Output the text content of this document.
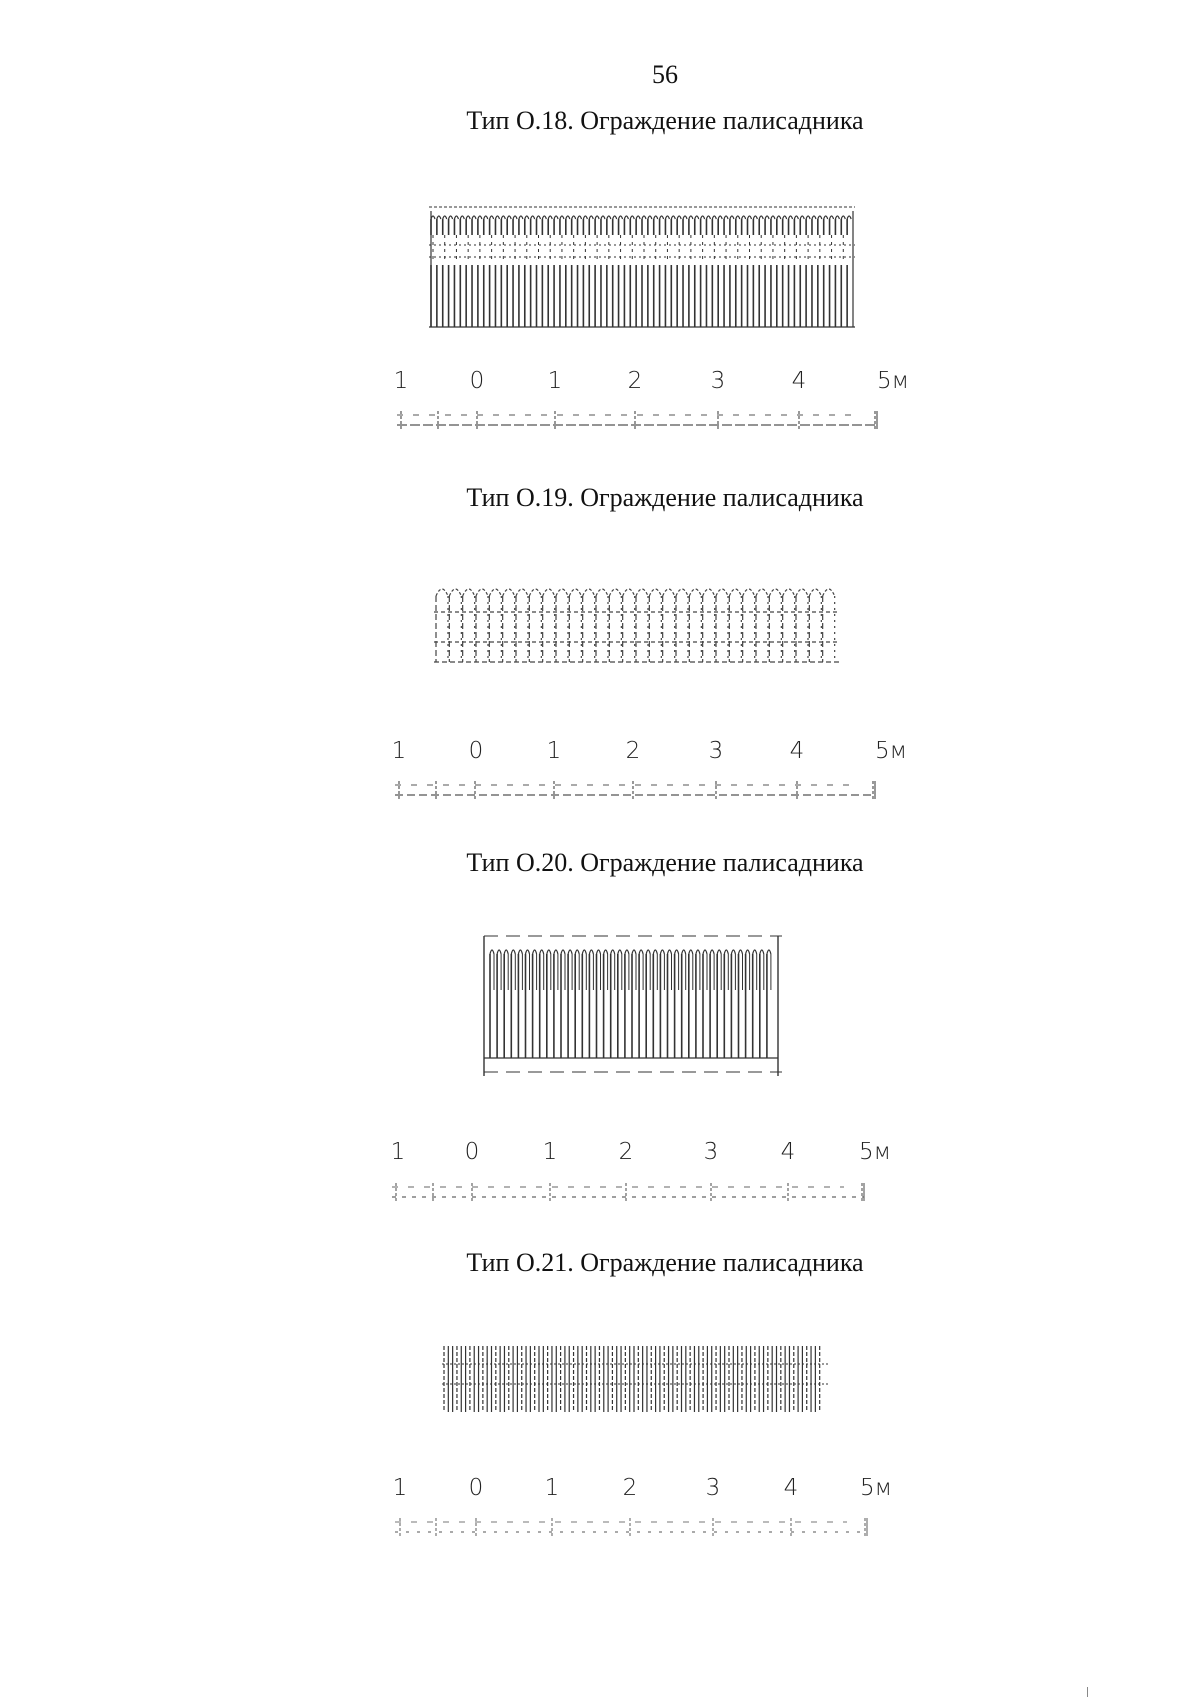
56
Тип О.18. Ограждение палисадника
1	0	1	2	3	4	5м
Тип О.19. Ограждение палисадника
1	0	1	2	3	4	5м
Тип О.20. Ограждение палисадника
1	0	1	2	3	4	5м
Тип О.21. Ограждение палисадника
1	0	1	2	3	4	5м
